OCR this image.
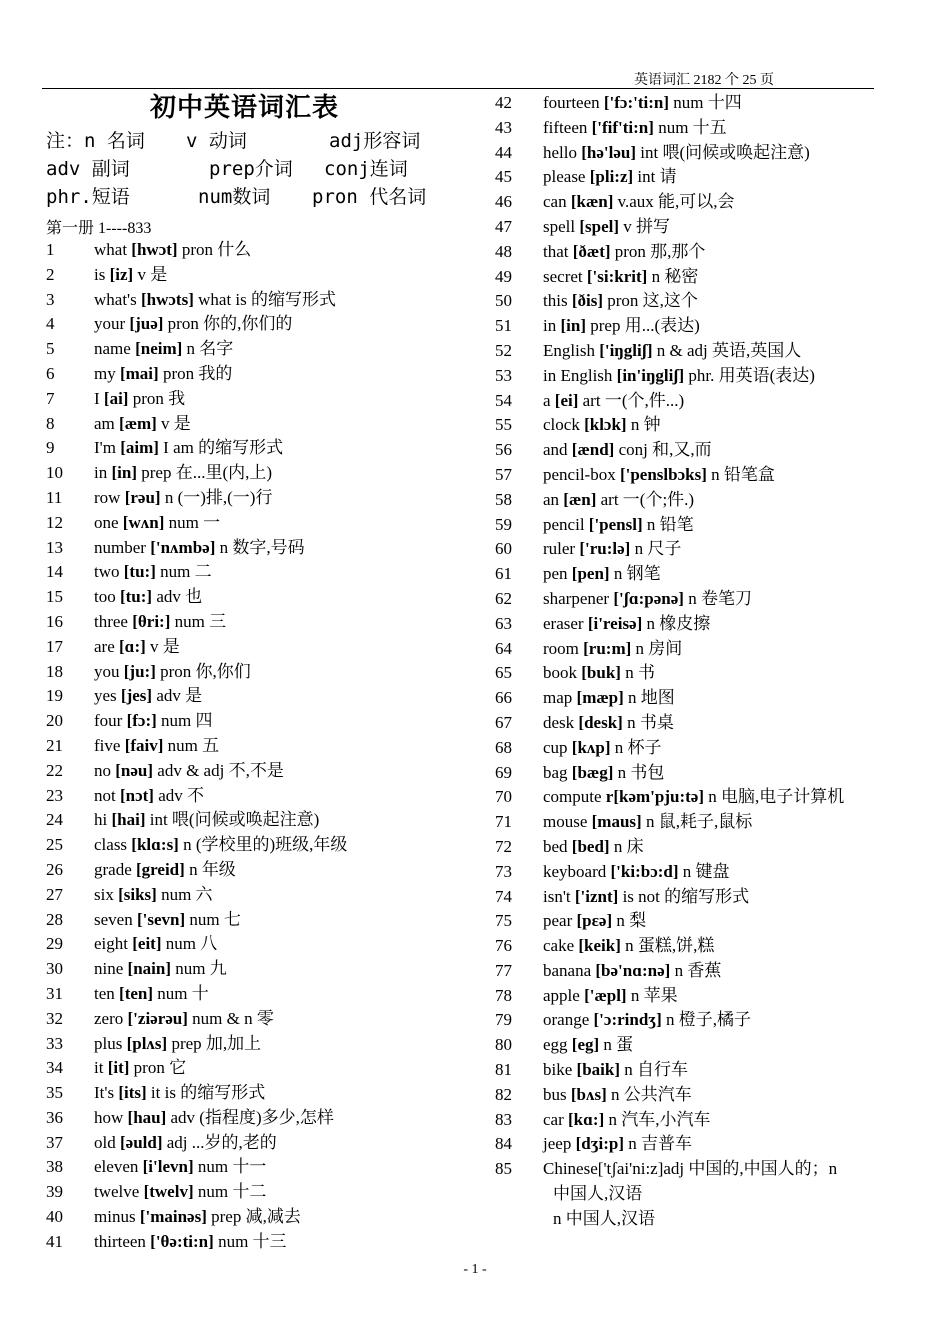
英语词汇 2182 个 25 页
初中英语词汇表
注：n 名词 v 动词	adj形容词
adv 副词	prep介词 conj连词
phr.短语	num数词 pron 代名词
第一册 1----833
1 what [hwɔt] pron 什么
2 is [iz] v 是
3 what's [hwɔts] what is 的缩写形式
4 your [juə] pron 你的,你们的
5 name [neim] n 名字
6 my [mai] pron 我的
7 I [ai] pron 我
8 am [æm] v 是
9 I'm [aim] I am 的缩写形式
10 in [in] prep 在...里(内,上)
11 row [rəu] n (一)排,(一)行
12 one [wʌn] num 一
13 number ['nʌmbə] n 数字,号码
14 two [tu:] num 二
15 too [tu:] adv 也
16 three [θri:] num 三
17 are [ɑ:] v 是
18 you [ju:] pron 你,你们
19 yes [jes] adv 是
20 four [fɔ:] num 四
21 five [faiv] num 五
22 no [nəu] adv & adj 不,不是
23 not [nɔt] adv 不
24 hi [hai] int 喂(问候或唤起注意)
25 class [klɑ:s] n (学校里的)班级,年级
26 grade [greid] n 年级
27 six [siks] num 六
28 seven ['sevn] num 七
29 eight [eit] num 八
30 nine [nain] num 九
31 ten [ten] num 十
32 zero ['ziərəu] num & n 零
33 plus [plʌs] prep 加,加上
34 it [it] pron 它
35 It's [its] it is 的缩写形式
36 how [hau] adv (指程度)多少,怎样
37 old [əuld] adj ...岁的,老的
38 eleven [i'levn] num 十一
39 twelve [twelv] num 十二
40 minus ['mainəs] prep 减,减去
41 thirteen ['θə:ti:n] num 十三
42 fourteen ['fɔ:'ti:n] num 十四
43 fifteen ['fif'ti:n] num 十五
44 hello [hə'ləu] int 喂(问候或唤起注意)
45 please [pli:z] int 请
46 can [kæn] v.aux 能,可以,会
47 spell [spel] v 拼写
48 that [ðæt] pron 那,那个
49 secret ['si:krit] n 秘密
50 this [ðis] pron 这,这个
51 in [in] prep 用...(表达)
52 English ['iŋgliʃ] n & adj 英语,英国人
53 in English [in'iŋgliʃ] phr. 用英语(表达)
54 a [ei] art 一(个,件...)
55 clock [klɔk] n 钟
56 and [ænd] conj 和,又,而
57 pencil-box ['penslbɔks] n 铅笔盒
58 an [æn] art 一(个;件.)
59 pencil ['pensl] n 铅笔
60 ruler ['ru:lə] n 尺子
61 pen [pen] n 钢笔
62 sharpener ['ʃɑ:pənə] n 卷笔刀
63 eraser [i'reisə] n 橡皮擦
64 room [ru:m] n 房间
65 book [buk] n 书
66 map [mæp] n 地图
67 desk [desk] n 书桌
68 cup [kʌp] n 杯子
69 bag [bæg] n 书包
70 compute r[kəm'pju:tə] n 电脑,电子计算机
71 mouse [maus] n 鼠,耗子,鼠标
72 bed [bed] n 床
73 keyboard ['ki:bɔ:d] n 键盘
74 isn't ['iznt] is not 的缩写形式
75 pear [pεə] n 梨
76 cake [keik] n 蛋糕,饼,糕
77 banana [bə'nɑ:nə] n 香蕉
78 apple ['æpl] n 苹果
79 orange ['ɔ:rindʒ] n 橙子,橘子
80 egg [eg] n 蛋
81 bike [baik] n 自行车
82 bus [bʌs] n 公共汽车
83 car [kɑ:] n 汽车,小汽车
84 jeep [dʒi:p] n 吉普车
85	Chinese['tʃai'ni:z]adj 中国的,中国人的；n
中国人,汉语
n 中国人,汉语
- 1 -
